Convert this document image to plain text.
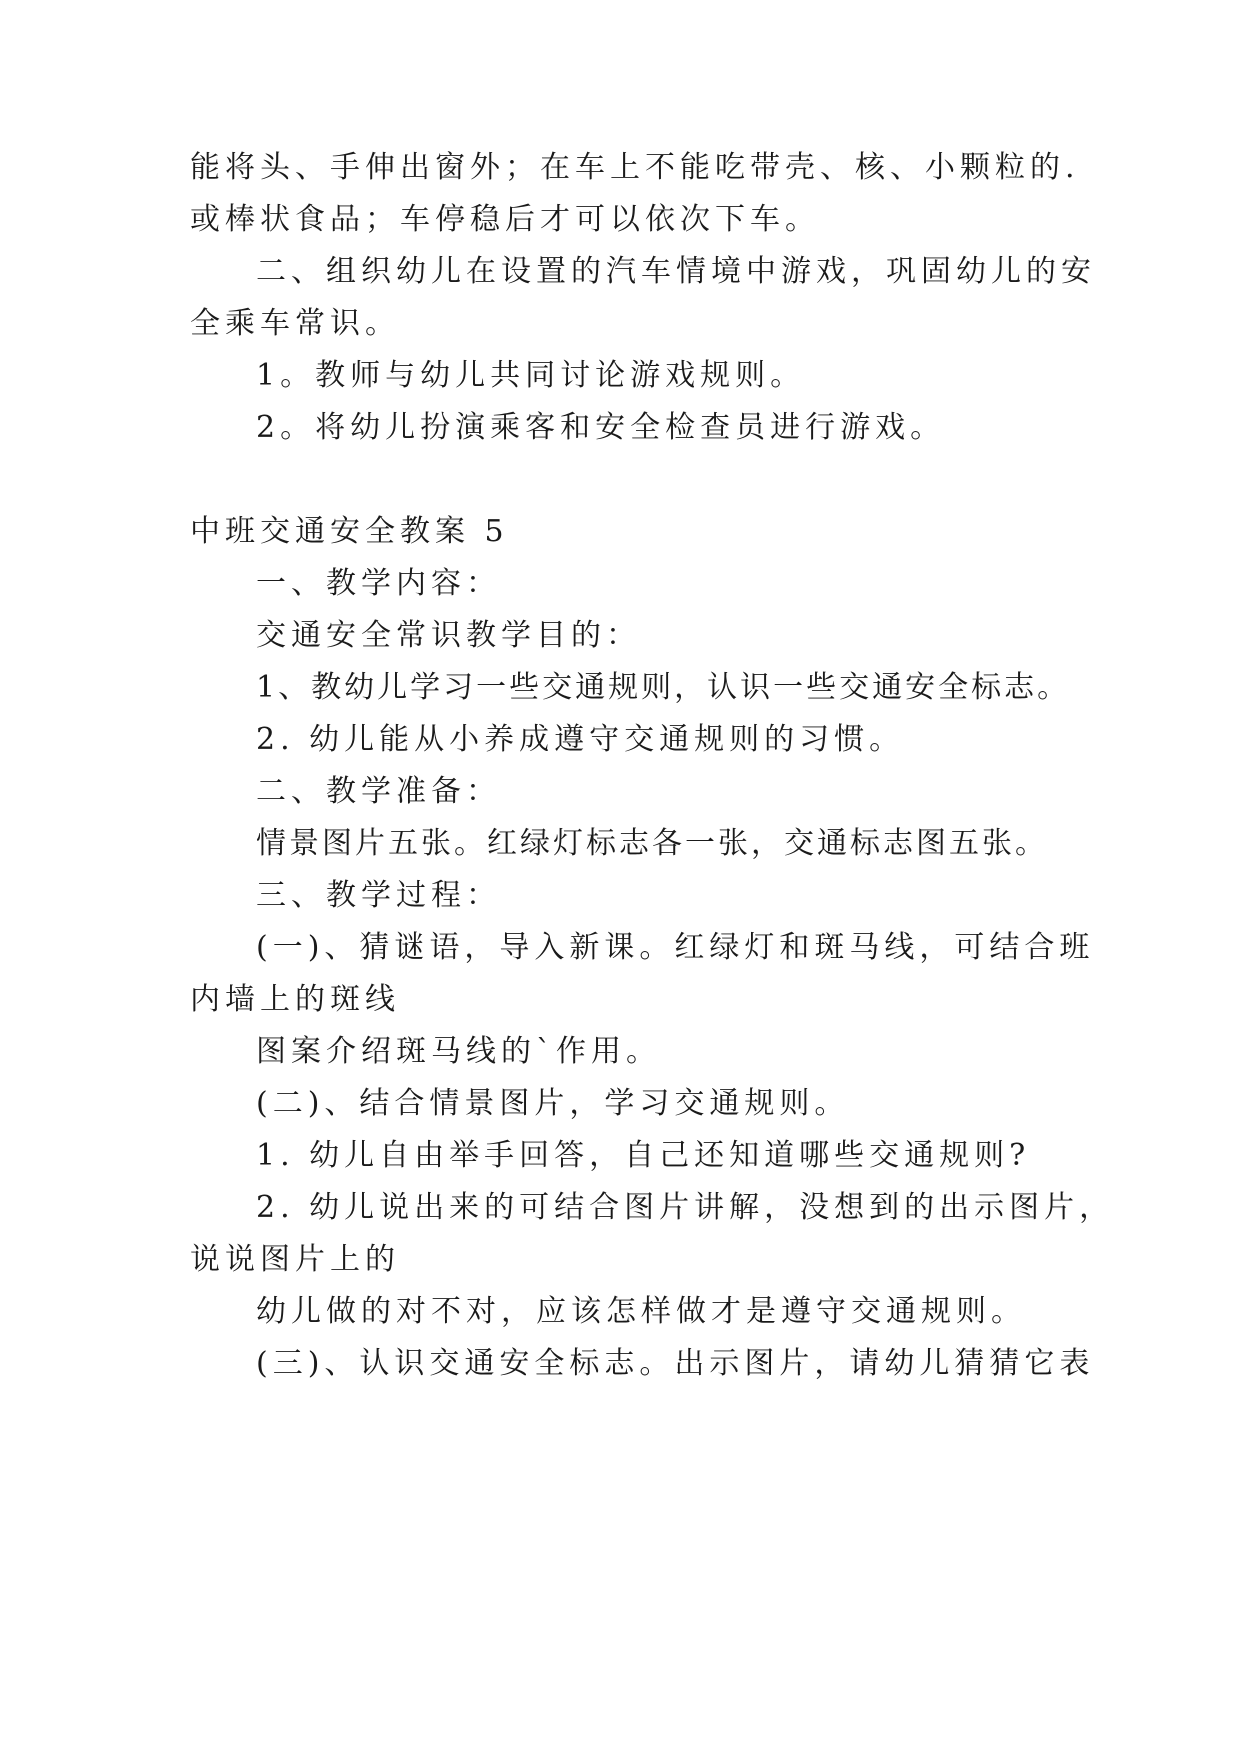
能将头、手伸出窗外；在车上不能吃带壳、核、小颗粒的.
或棒状食品；车停稳后才可以依次下车。
二、组织幼儿在设置的汽车情境中游戏，巩固幼儿的安
全乘车常识。
1。教师与幼儿共同讨论游戏规则。
2。将幼儿扮演乘客和安全检查员进行游戏。
中班交通安全教案 5
一、教学内容：
交通安全常识教学目的：
1、教幼儿学习一些交通规则，认识一些交通安全标志。
2. 幼儿能从小养成遵守交通规则的习惯。
二、教学准备：
情景图片五张。红绿灯标志各一张，交通标志图五张。
三、教学过程：
(一)、猜谜语，导入新课。红绿灯和斑马线，可结合班
内墙上的斑线
图案介绍斑马线的`作用。
(二)、结合情景图片，学习交通规则。
1. 幼儿自由举手回答，自己还知道哪些交通规则?
2. 幼儿说出来的可结合图片讲解，没想到的出示图片，
说说图片上的
幼儿做的对不对，应该怎样做才是遵守交通规则。
(三)、认识交通安全标志。出示图片，请幼儿猜猜它表
